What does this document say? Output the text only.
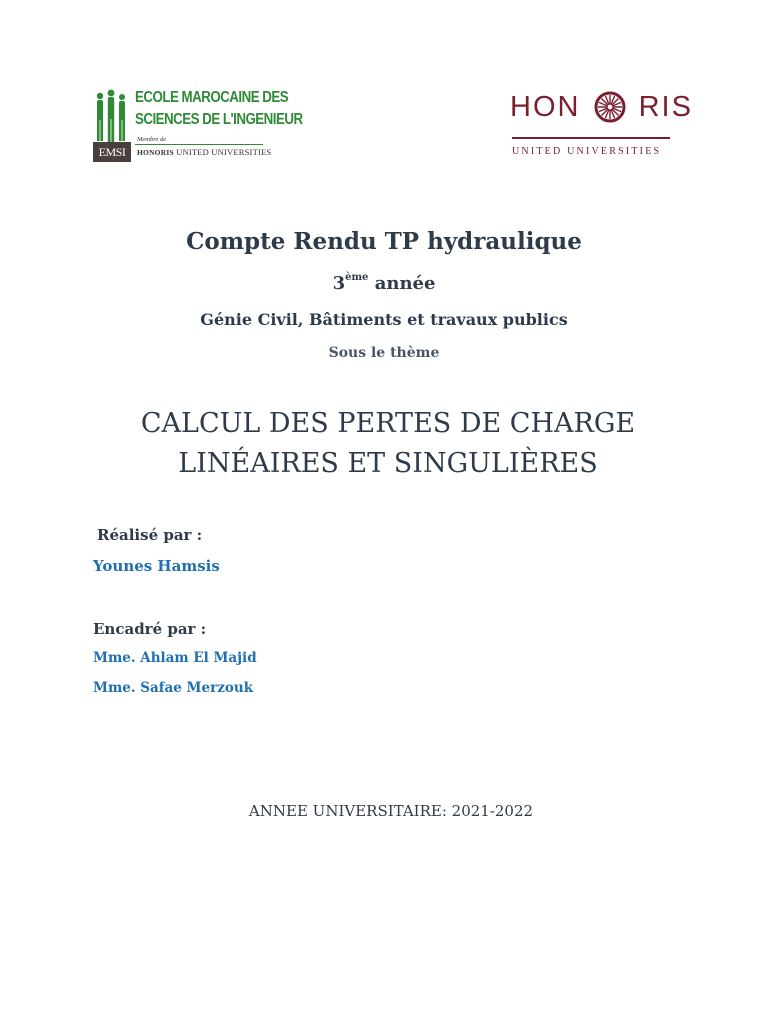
EMSI
ECOLE MAROCAINE DES
SCIENCES DE L'INGENIEUR
Membre de
HONORIS UNITED UNIVERSITIES
HON RIS
UNITED UNIVERSITIES
Compte Rendu TP hydraulique
3ème année
Génie Civil, Bâtiments et travaux publics
Sous le thème
CALCUL DES PERTES DE CHARGE
LINÉAIRES ET SINGULIÈRES
Réalisé par :
Younes Hamsis
Encadré par :
Mme. Ahlam El Majid
Mme. Safae Merzouk
ANNEE UNIVERSITAIRE: 2021-2022
